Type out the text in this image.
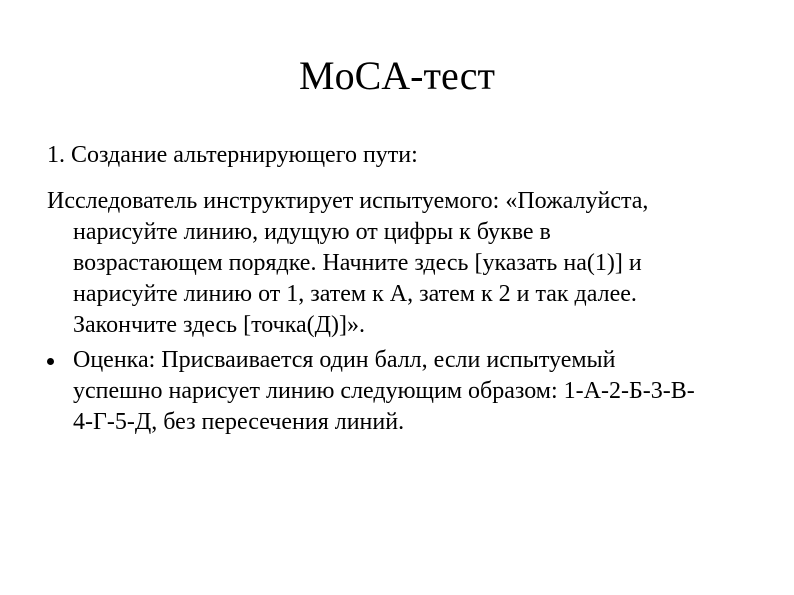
MoCA-тест
1. Создание альтернирующего пути:
Исследователь инструктирует испытуемого: «Пожалуйста,
нарисуйте линию, идущую от цифры к букве в
возрастающем порядке. Начните здесь [указать на(1)] и
нарисуйте линию от 1, затем к А, затем к 2 и так далее.
Закончите здесь [точка(Д)]».
Оценка: Присваивается один балл, если испытуемый
успешно нарисует линию следующим образом: 1-А-2-Б-3-В-
4-Г-5-Д, без пересечения линий.
